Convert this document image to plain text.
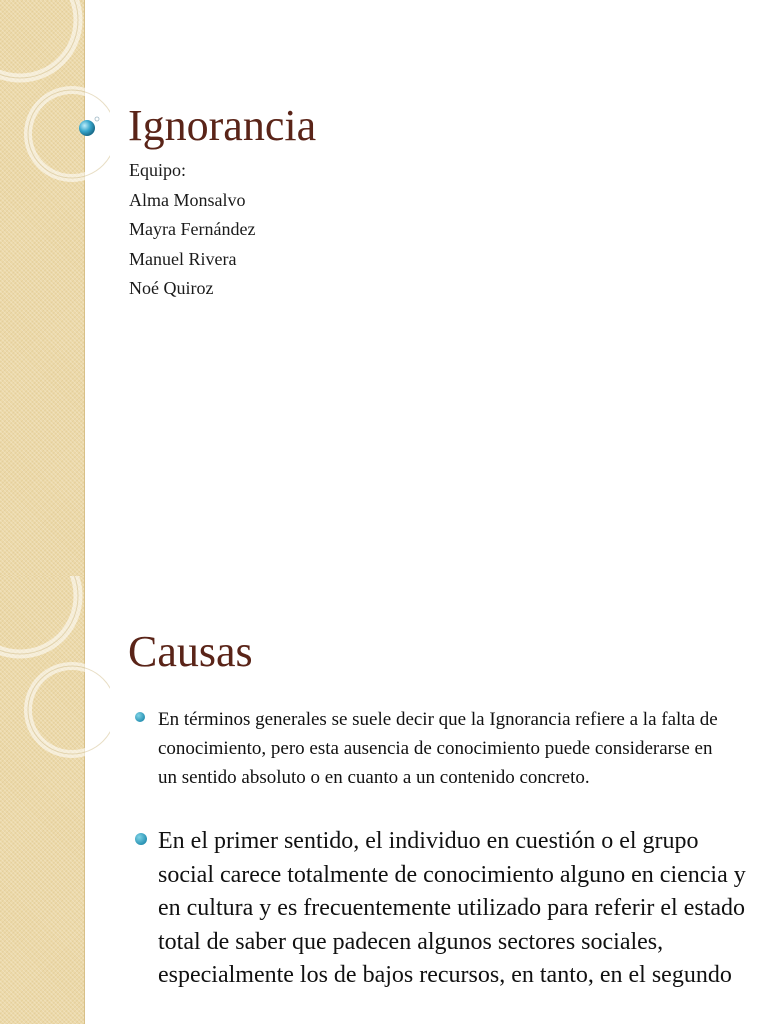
Ignorancia
Equipo:
Alma Monsalvo
Mayra Fernández
Manuel Rivera
Noé Quiroz
Causas

En términos generales se suele decir que la Ignorancia refiere a la falta de conocimiento, pero esta ausencia de conocimiento puede considerarse en un sentido absoluto o en cuanto a un contenido concreto.

En el primer sentido, el individuo en cuestión o el grupo social carece totalmente de conocimiento alguno en ciencia y en cultura y es frecuentemente utilizado para referir el estado total de saber que padecen algunos sectores sociales, especialmente los de bajos recursos, en tanto, en el segundo
